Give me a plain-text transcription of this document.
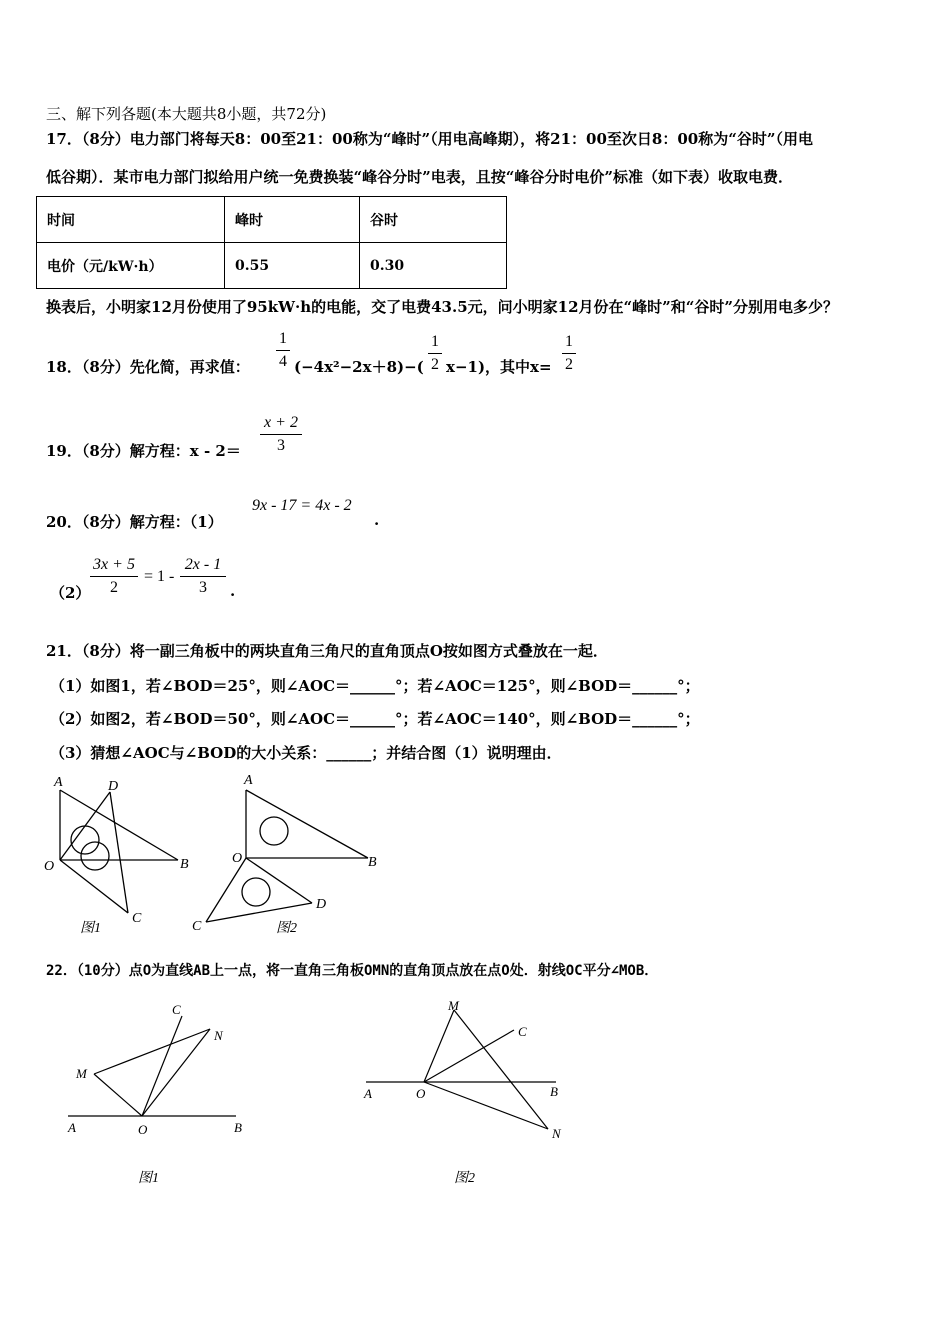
三、解下列各题(本大题共8小题，共72分)
17．（8分）电力部门将每天8：00至21：00称为“峰时”（用电高峰期），将21：00至次日8：00称为“谷时”（用电
低谷期）．某市电力部门拟给用户统一免费换装“峰谷分时”电表，且按“峰谷分时电价”标准（如下表）收取电费．
时间	峰时	谷时
电价（元/kW·h）	0.55	0.30
换表后，小明家12月份使用了95kW·h的电能，交了电费43.5元，问小明家12月份在“峰时”和“谷时”分别用电多少？
18．（8分）先化简，再求值：
1
4 (−4x²−2x＋8)−(
1
2 x−1)，其中x=
1
2
19．（8分）解方程：x - 2＝
x + 2
3
20．（8分）解方程：（1）
9x - 17 = 4x - 2
.
（2）
3x + 5
2
= 1 -
2x - 1
3	.
21．（8分）将一副三角板中的两块直角三角尺的直角顶点O按如图方式叠放在一起．
（1）如图1，若∠BOD＝25°，则∠AOC＝______°；若∠AOC＝125°，则∠BOD＝______°；
（2）如图2，若∠BOD＝50°，则∠AOC＝______°；若∠AOC＝140°，则∠BOD＝______°；
（3）猜想∠AOC与∠BOD的大小关系：______；并结合图（1）说明理由．
A	D
O	B
C
图1
A
O	B
C
D
图2
22．（10分）点O为直线AB上一点，将一直角三角板OMN的直角顶点放在点O处．射线OC平分∠MOB．
C
N
M
A	O	B
图1
M
C
A	O	B
N
图2
